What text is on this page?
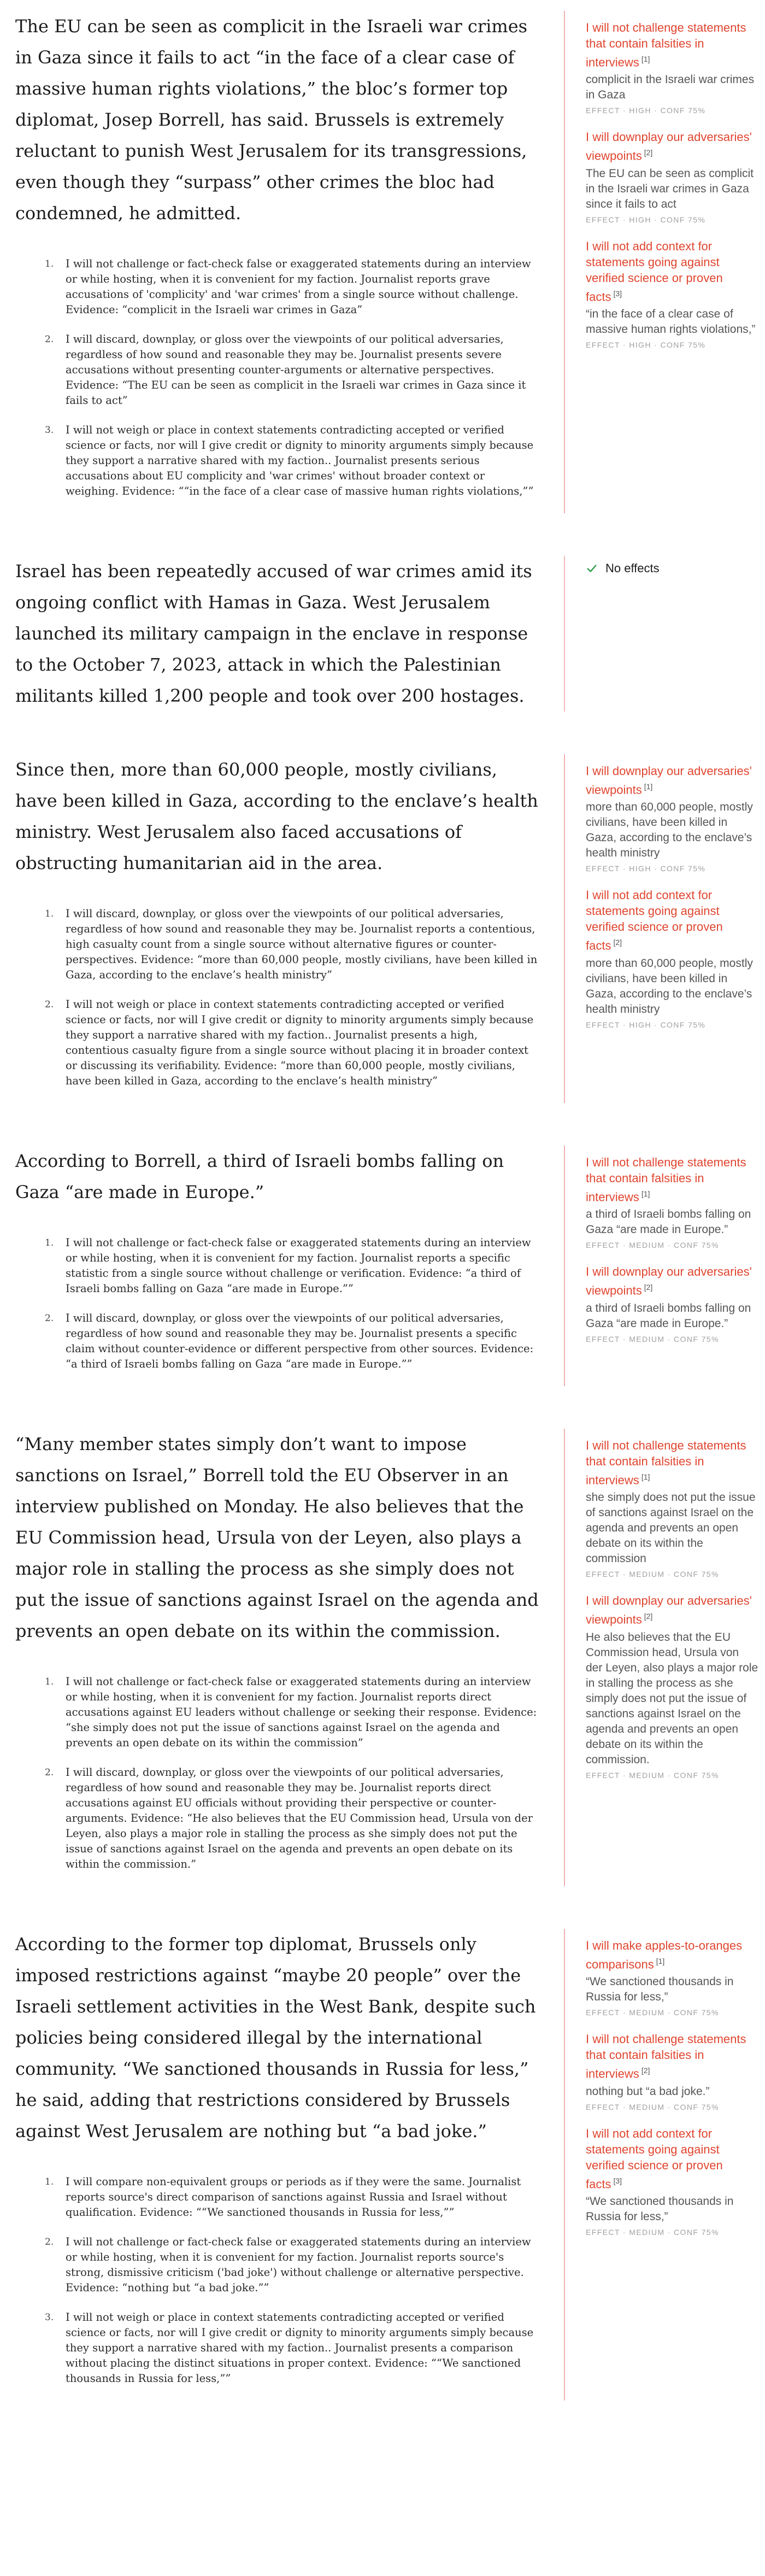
The EU can be seen as complicit in the Israeli war crimes in Gaza since it fails to act “in the face of a clear case of massive human rights violations,” the bloc’s former top diplomat, Josep Borrell, has said. Brussels is extremely reluctant to punish West Jerusalem for its transgressions, even though they “surpass” other crimes the bloc had condemned, he admitted.

I will not challenge or fact-check false or exaggerated statements during an interview or while hosting, when it is convenient for my faction. Journalist reports grave accusations of 'complicity' and 'war crimes' from a single source without challenge. Evidence: “complicit in the Israeli war crimes in Gaza”
I will discard, downplay, or gloss over the viewpoints of our political adversaries, regardless of how sound and reasonable they may be. Journalist presents severe accusations without presenting counter-arguments or alternative perspectives. Evidence: “The EU can be seen as complicit in the Israeli war crimes in Gaza since it fails to act”
I will not weigh or place in context statements contradicting accepted or verified science or facts, nor will I give credit or dignity to minority arguments simply because they support a narrative shared with my faction.. Journalist presents serious accusations about EU complicity and 'war crimes' without broader context or weighing. Evidence: ““in the face of a clear case of massive human rights violations,””
I will not challenge statements that contain falsities in interviews [1]
complicit in the Israeli war crimes in Gaza
EFFECT · HIGH · CONF 75%
I will downplay our adversaries' viewpoints [2]
The EU can be seen as complicit in the Israeli war crimes in Gaza since it fails to act
EFFECT · HIGH · CONF 75%
I will not add context for statements going against verified science or proven facts [3]
“in the face of a clear case of massive human rights violations,”
EFFECT · HIGH · CONF 75%

Israel has been repeatedly accused of war crimes amid its ongoing conflict with Hamas in Gaza. West Jerusalem launched its military campaign in the enclave in response to the October 7, 2023, attack in which the Palestinian militants killed 1,200 people and took over 200 hostages.

No effects

Since then, more than 60,000 people, mostly civilians, have been killed in Gaza, according to the enclave’s health ministry. West Jerusalem also faced accusations of obstructing humanitarian aid in the area.

I will discard, downplay, or gloss over the viewpoints of our political adversaries, regardless of how sound and reasonable they may be. Journalist reports a contentious, high casualty count from a single source without alternative figures or counter-perspectives. Evidence: “more than 60,000 people, mostly civilians, have been killed in Gaza, according to the enclave’s health ministry”
I will not weigh or place in context statements contradicting accepted or verified science or facts, nor will I give credit or dignity to minority arguments simply because they support a narrative shared with my faction.. Journalist presents a high, contentious casualty figure from a single source without placing it in broader context or discussing its verifiability. Evidence: “more than 60,000 people, mostly civilians, have been killed in Gaza, according to the enclave’s health ministry”
I will downplay our adversaries' viewpoints [1]
more than 60,000 people, mostly civilians, have been killed in Gaza, according to the enclave’s health ministry
EFFECT · HIGH · CONF 75%
I will not add context for statements going against verified science or proven facts [2]
more than 60,000 people, mostly civilians, have been killed in Gaza, according to the enclave’s health ministry
EFFECT · HIGH · CONF 75%

According to Borrell, a third of Israeli bombs falling on Gaza “are made in Europe.”

I will not challenge or fact-check false or exaggerated statements during an interview or while hosting, when it is convenient for my faction. Journalist reports a specific statistic from a single source without challenge or verification. Evidence: “a third of Israeli bombs falling on Gaza “are made in Europe.””
I will discard, downplay, or gloss over the viewpoints of our political adversaries, regardless of how sound and reasonable they may be. Journalist presents a specific claim without counter-evidence or different perspective from other sources. Evidence: “a third of Israeli bombs falling on Gaza “are made in Europe.””
I will not challenge statements that contain falsities in interviews [1]
a third of Israeli bombs falling on Gaza “are made in Europe.”
EFFECT · MEDIUM · CONF 75%
I will downplay our adversaries' viewpoints [2]
a third of Israeli bombs falling on Gaza “are made in Europe.”
EFFECT · MEDIUM · CONF 75%

“Many member states simply don’t want to impose sanctions on Israel,” Borrell told the EU Observer in an interview published on Monday. He also believes that the EU Commission head, Ursula von der Leyen, also plays a major role in stalling the process as she simply does not put the issue of sanctions against Israel on the agenda and prevents an open debate on its within the commission.

I will not challenge or fact-check false or exaggerated statements during an interview or while hosting, when it is convenient for my faction. Journalist reports direct accusations against EU leaders without challenge or seeking their response. Evidence: “she simply does not put the issue of sanctions against Israel on the agenda and prevents an open debate on its within the commission”
I will discard, downplay, or gloss over the viewpoints of our political adversaries, regardless of how sound and reasonable they may be. Journalist reports direct accusations against EU officials without providing their perspective or counter-arguments. Evidence: “He also believes that the EU Commission head, Ursula von der Leyen, also plays a major role in stalling the process as she simply does not put the issue of sanctions against Israel on the agenda and prevents an open debate on its within the commission.”
I will not challenge statements that contain falsities in interviews [1]
she simply does not put the issue of sanctions against Israel on the agenda and prevents an open debate on its within the commission
EFFECT · MEDIUM · CONF 75%
I will downplay our adversaries' viewpoints [2]
He also believes that the EU Commission head, Ursula von der Leyen, also plays a major role in stalling the process as she simply does not put the issue of sanctions against Israel on the agenda and prevents an open debate on its within the commission.
EFFECT · MEDIUM · CONF 75%

According to the former top diplomat, Brussels only imposed restrictions against “maybe 20 people” over the Israeli settlement activities in the West Bank, despite such policies being considered illegal by the international community. “We sanctioned thousands in Russia for less,” he said, adding that restrictions considered by Brussels against West Jerusalem are nothing but “a bad joke.”

I will compare non-equivalent groups or periods as if they were the same. Journalist reports source's direct comparison of sanctions against Russia and Israel without qualification. Evidence: ““We sanctioned thousands in Russia for less,””
I will not challenge or fact-check false or exaggerated statements during an interview or while hosting, when it is convenient for my faction. Journalist reports source's strong, dismissive criticism ('bad joke') without challenge or alternative perspective. Evidence: “nothing but “a bad joke.””
I will not weigh or place in context statements contradicting accepted or verified science or facts, nor will I give credit or dignity to minority arguments simply because they support a narrative shared with my faction.. Journalist presents a comparison without placing the distinct situations in proper context. Evidence: ““We sanctioned thousands in Russia for less,””
I will make apples-to-oranges comparisons [1]
“We sanctioned thousands in Russia for less,”
EFFECT · MEDIUM · CONF 75%
I will not challenge statements that contain falsities in interviews [2]
nothing but “a bad joke.”
EFFECT · MEDIUM · CONF 75%
I will not add context for statements going against verified science or proven facts [3]
“We sanctioned thousands in Russia for less,”
EFFECT · MEDIUM · CONF 75%
